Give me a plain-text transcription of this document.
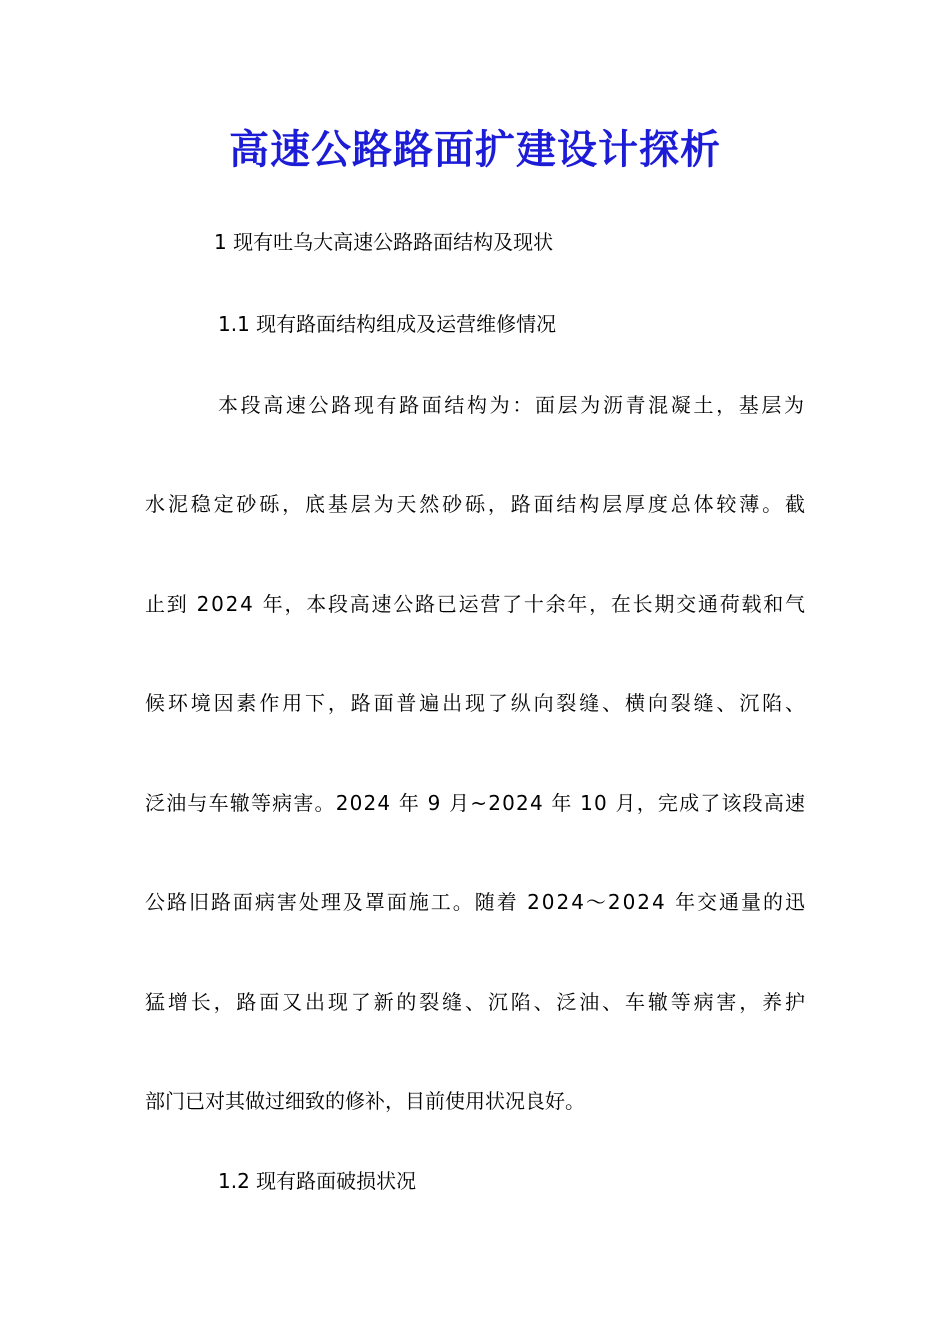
高速公路路面扩建设计探析

1 现有吐乌大高速公路路面结构及现状

1.1 现有路面结构组成及运营维修情况

本段高速公路现有路面结构为：面层为沥青混凝土，基层为

水泥稳定砂砾，底基层为天然砂砾，路面结构层厚度总体较薄。截

止到 2024 年，本段高速公路已运营了十余年，在长期交通荷载和气

候环境因素作用下，路面普遍出现了纵向裂缝、横向裂缝、沉陷、

泛油与车辙等病害。2024 年 9 月~2024 年 10 月，完成了该段高速

公路旧路面病害处理及罩面施工。随着 2024～2024 年交通量的迅

猛增长，路面又出现了新的裂缝、沉陷、泛油、车辙等病害，养护

部门已对其做过细致的修补，目前使用状况良好。

1.2 现有路面破损状况
